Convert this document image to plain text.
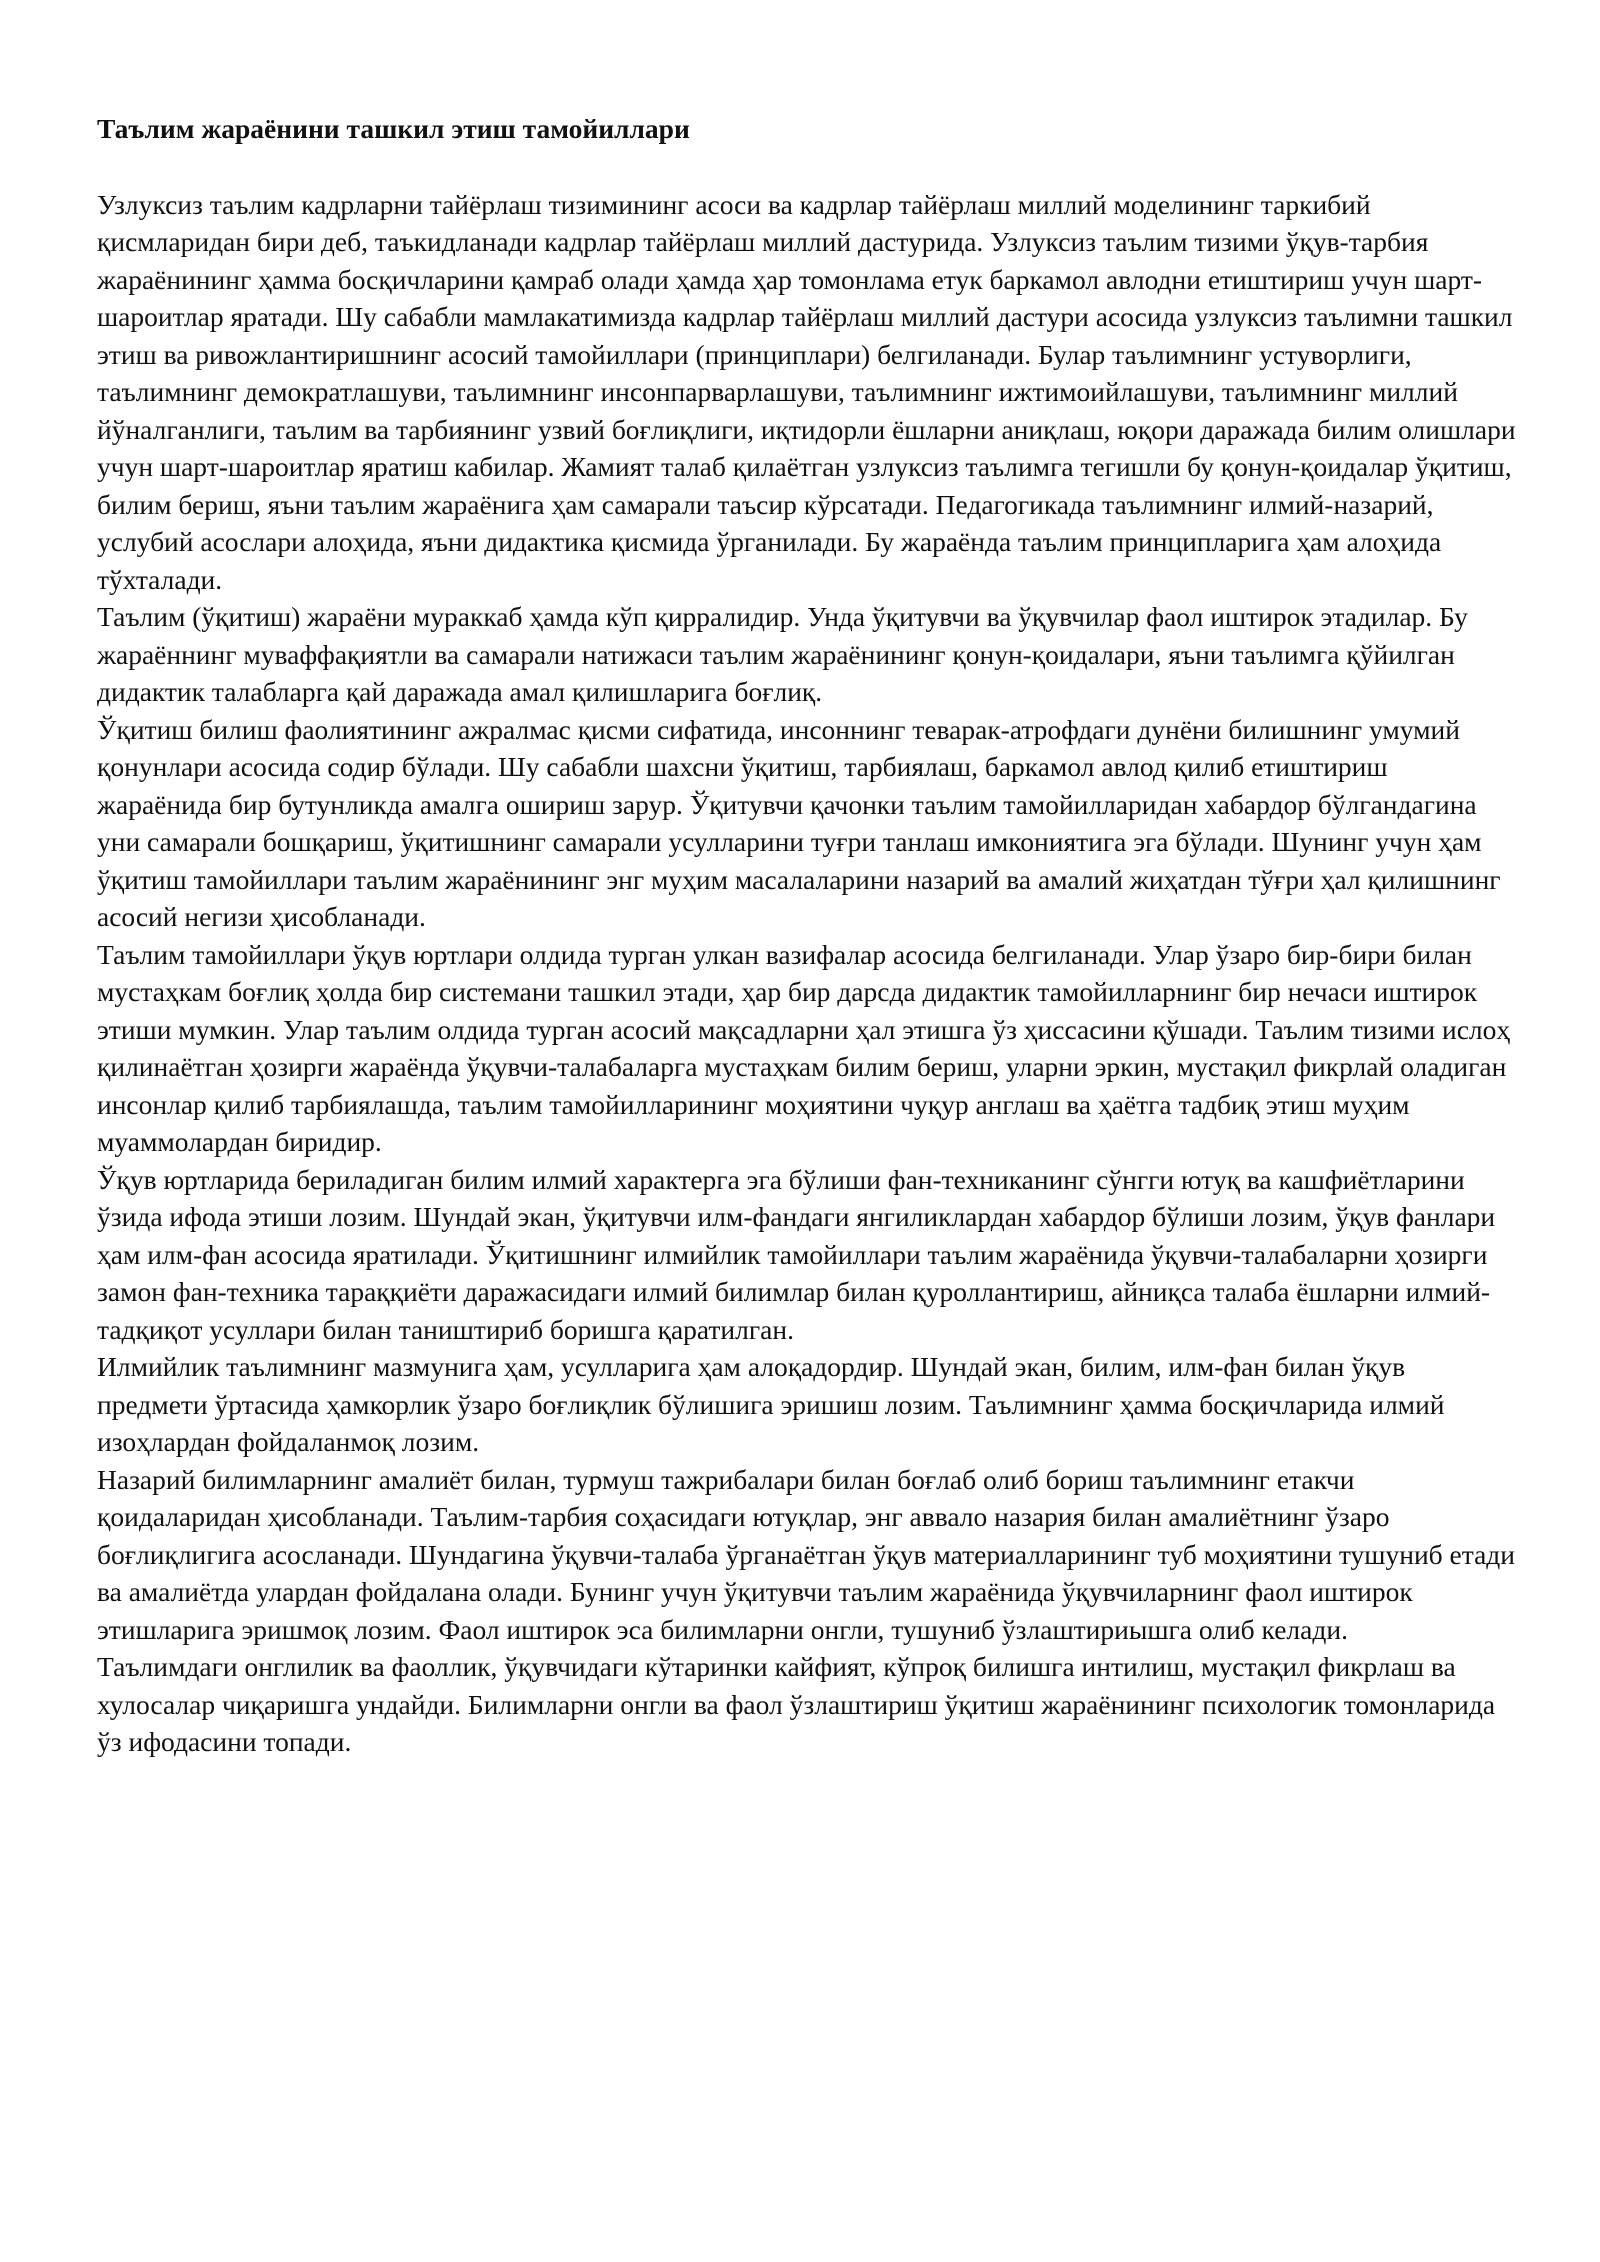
Таълим жараёнини ташкил этиш тамойиллари

Узлуксиз таълим кадрларни тайёрлаш тизимининг асоси ва кадрлар тайёрлаш миллий моделининг таркибий қисмларидан бири деб, таъкидланади кадрлар тайёрлаш миллий дастурида. Узлуксиз таълим тизими ўқув-тарбия жараёнининг ҳамма босқичларини қамраб олади ҳамда ҳар томонлама етук баркамол авлодни етиштириш учун шарт-шароитлар яратади. Шу сабабли мамлакатимизда кадрлар тайёрлаш миллий дастури асосида узлуксиз таълимни ташкил этиш ва ривожлантиришнинг асосий тамойиллари (принциплари) белгиланади. Булар таълимнинг устуворлиги, таълимнинг демократлашуви, таълимнинг инсонпарварлашуви, таълимнинг ижтимоийлашуви, таълимнинг миллий йўналганлиги, таълим ва тарбиянинг узвий боғлиқлиги, иқтидорли ёшларни аниқлаш, юқори даражада билим олишлари учун шарт-шароитлар яратиш кабилар. Жамият талаб қилаётган узлуксиз таълимга тегишли бу қонун-қоидалар ўқитиш, билим бериш, яъни таълим жараёнига ҳам самарали таъсир кўрсатади. Педагогикада таълимнинг илмий-назарий, услубий асослари алоҳида, яъни дидактика қисмида ўрганилади. Бу жараёнда таълим принципларига ҳам алоҳида тўхталади.

Таълим (ўқитиш) жараёни мураккаб ҳамда кўп қирралидир. Унда ўқитувчи ва ўқувчилар фаол иштирок этадилар. Бу жараённинг муваффақиятли ва самарали натижаси таълим жараёнининг қонун-қоидалари, яъни таълимга қўйилган дидактик талабларга қай даражада амал қилишларига боғлиқ.

Ўқитиш билиш фаолиятининг ажралмас қисми сифатида, инсоннинг теварак-атрофдаги дунёни билишнинг умумий қонунлари асосида содир бўлади. Шу сабабли шахсни ўқитиш, тарбиялаш, баркамол авлод қилиб етиштириш жараёнида бир бутунликда амалга ошириш зарур. Ўқитувчи қачонки таълим тамойилларидан хабардор бўлгандагина уни самарали бошқариш, ўқитишнинг самарали усулларини туғри танлаш имкониятига эга бўлади. Шунинг учун ҳам ўқитиш тамойиллари таълим жараёнининг энг муҳим масалаларини назарий ва амалий жиҳатдан тўғри ҳал қилишнинг асосий негизи ҳисобланади.

Таълим тамойиллари ўқув юртлари олдида турган улкан вазифалар асосида белгиланади. Улар ўзаро бир-бири билан мустаҳкам боғлиқ ҳолда бир системани ташкил этади, ҳар бир дарсда дидактик тамойилларнинг бир нечаси иштирок этиши мумкин. Улар таълим олдида турган асосий мақсадларни ҳал этишга ўз ҳиссасини қўшади. Таълим тизими ислоҳ қилинаётган ҳозирги жараёнда ўқувчи-талабаларга мустаҳкам билим бериш, уларни эркин, мустақил фикрлай оладиган инсонлар қилиб тарбиялашда, таълим тамойилларининг моҳиятини чуқур англаш ва ҳаётга тадбиқ этиш муҳим муаммолардан биридир.

Ўқув юртларида бериладиган билим илмий характерга эга бўлиши фан-техниканинг сўнгги ютуқ ва кашфиётларини ўзида ифода этиши лозим. Шундай экан, ўқитувчи илм-фандаги янгиликлардан хабардор бўлиши лозим, ўқув фанлари ҳам илм-фан асосида яратилади. Ўқитишнинг илмийлик тамойиллари таълим жараёнида ўқувчи-талабаларни ҳозирги замон фан-техника тараққиёти даражасидаги илмий билимлар билан қуроллантириш, айниқса талаба ёшларни илмий-тадқиқот усуллари билан таништириб боришга қаратилган.

Илмийлик таълимнинг мазмунига ҳам, усулларига ҳам алоқадордир. Шундай экан, билим, илм-фан билан ўқув предмети ўртасида ҳамкорлик ўзаро боғлиқлик бўлишига эришиш лозим. Таълимнинг ҳамма босқичларида илмий изоҳлардан фойдаланмоқ лозим.

Назарий билимларнинг амалиёт билан, турмуш тажрибалари билан боғлаб олиб бориш таълимнинг етакчи қоидаларидан ҳисобланади. Таълим-тарбия соҳасидаги ютуқлар, энг аввало назария билан амалиётнинг ўзаро боғлиқлигига асосланади. Шундагина ўқувчи-талаба ўрганаётган ўқув материалларининг туб моҳиятини тушуниб етади ва амалиётда улардан фойдалана олади. Бунинг учун ўқитувчи таълим жараёнида ўқувчиларнинг фаол иштирок этишларига эришмоқ лозим. Фаол иштирок эса билимларни онгли, тушуниб ўзлаштириышга олиб келади.

Таълимдаги онглилик ва фаоллик, ўқувчидаги кўтаринки кайфият, кўпроқ билишга интилиш, мустақил фикрлаш ва хулосалар чиқаришга ундайди. Билимларни онгли ва фаол ўзлаштириш ўқитиш жараёнининг психологик томонларида ўз ифодасини топади.
